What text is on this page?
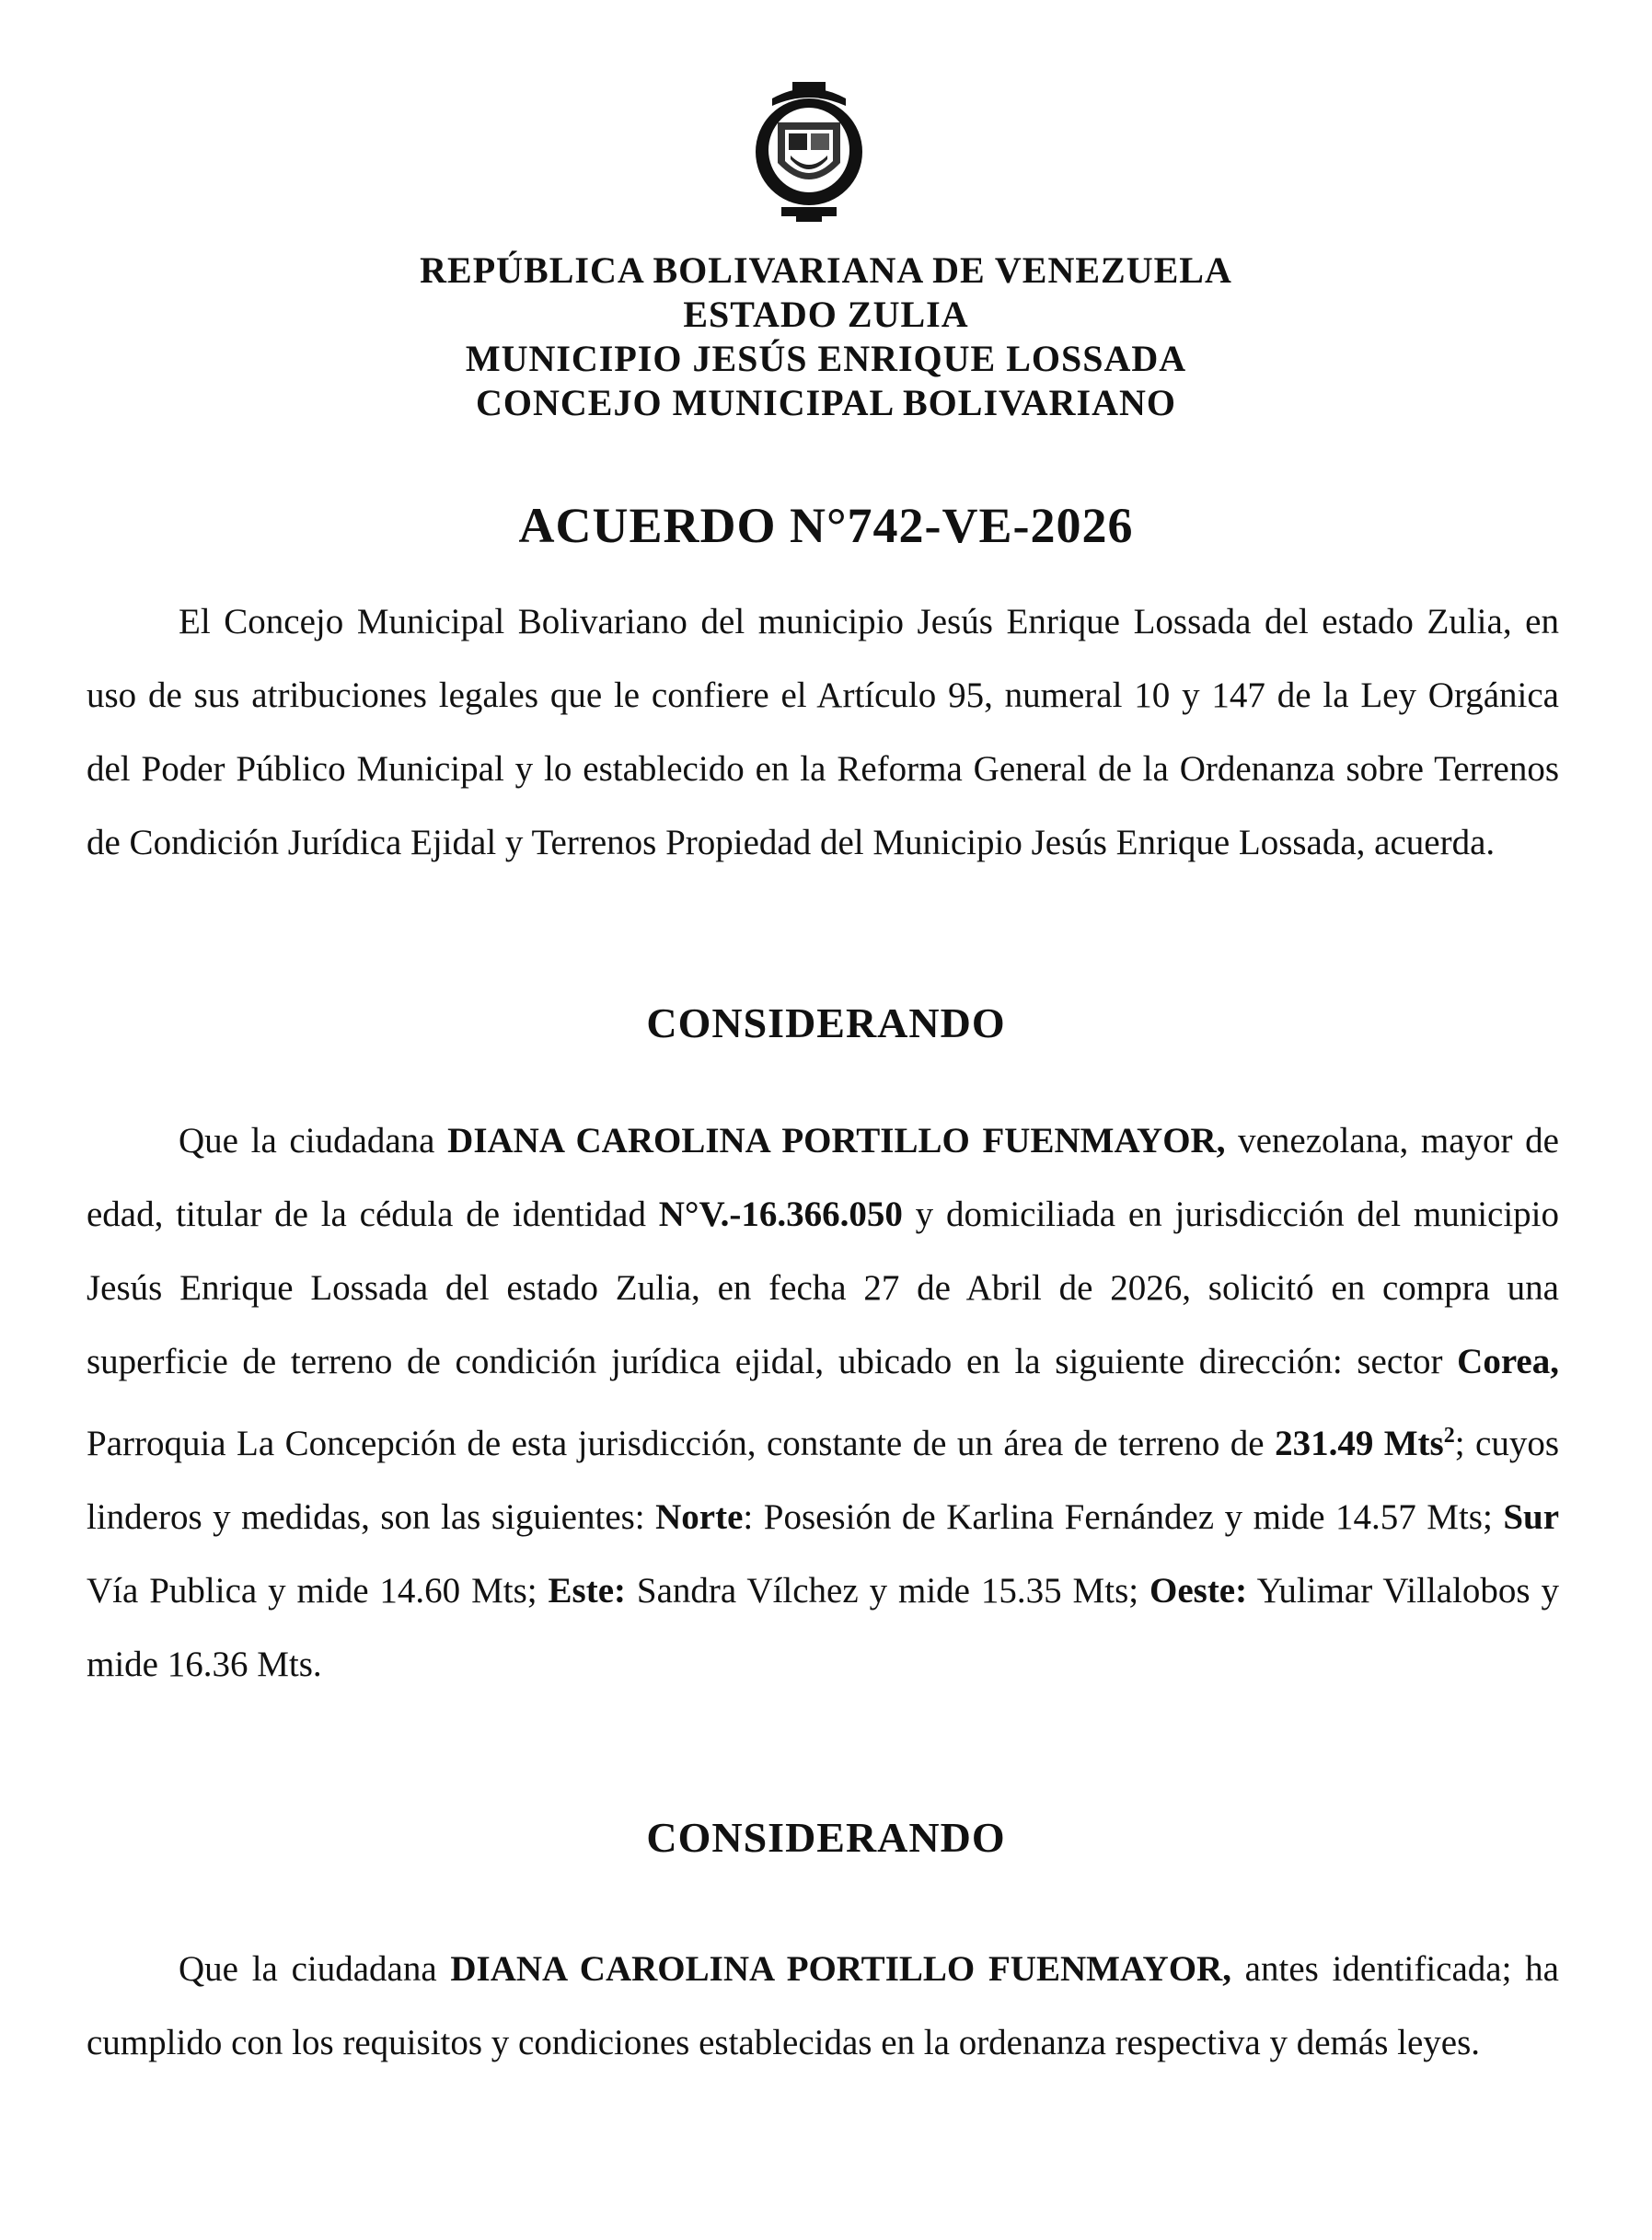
REPÚBLICA BOLIVARIANA DE VENEZUELA
ESTADO ZULIA
MUNICIPIO JESÚS ENRIQUE LOSSADA
CONCEJO MUNICIPAL BOLIVARIANO
ACUERDO N°742-VE-2026

El Concejo Municipal Bolivariano del municipio Jesús Enrique Lossada del estado Zulia, en uso de sus atribuciones legales que le confiere el Artículo 95, numeral 10 y 147 de la Ley Orgánica del Poder Público Municipal y lo establecido en la Reforma General de la Ordenanza sobre Terrenos de Condición Jurídica Ejidal y Terrenos Propiedad del Municipio Jesús Enrique Lossada, acuerda.

CONSIDERANDO

Que la ciudadana DIANA CAROLINA PORTILLO FUENMAYOR, venezolana, mayor de edad, titular de la cédula de identidad N°V.-16.366.050 y domiciliada en jurisdicción del municipio Jesús Enrique Lossada del estado Zulia, en fecha 27 de Abril de 2026, solicitó en compra una superficie de terreno de condición jurídica ejidal, ubicado en la siguiente dirección: sector Corea, Parroquia La Concepción de esta jurisdicción, constante de un área de terreno de 231.49 Mts$^2$; cuyos linderos y medidas, son las siguientes: Norte: Posesión de Karlina Fernández y mide 14.57 Mts; Sur Vía Publica y mide 14.60 Mts; Este: Sandra Vílchez y mide 15.35 Mts; Oeste: Yulimar Villalobos y mide 16.36 Mts.

CONSIDERANDO

Que la ciudadana DIANA CAROLINA PORTILLO FUENMAYOR, antes identificada; ha cumplido con los requisitos y condiciones establecidas en la ordenanza respectiva y demás leyes.
